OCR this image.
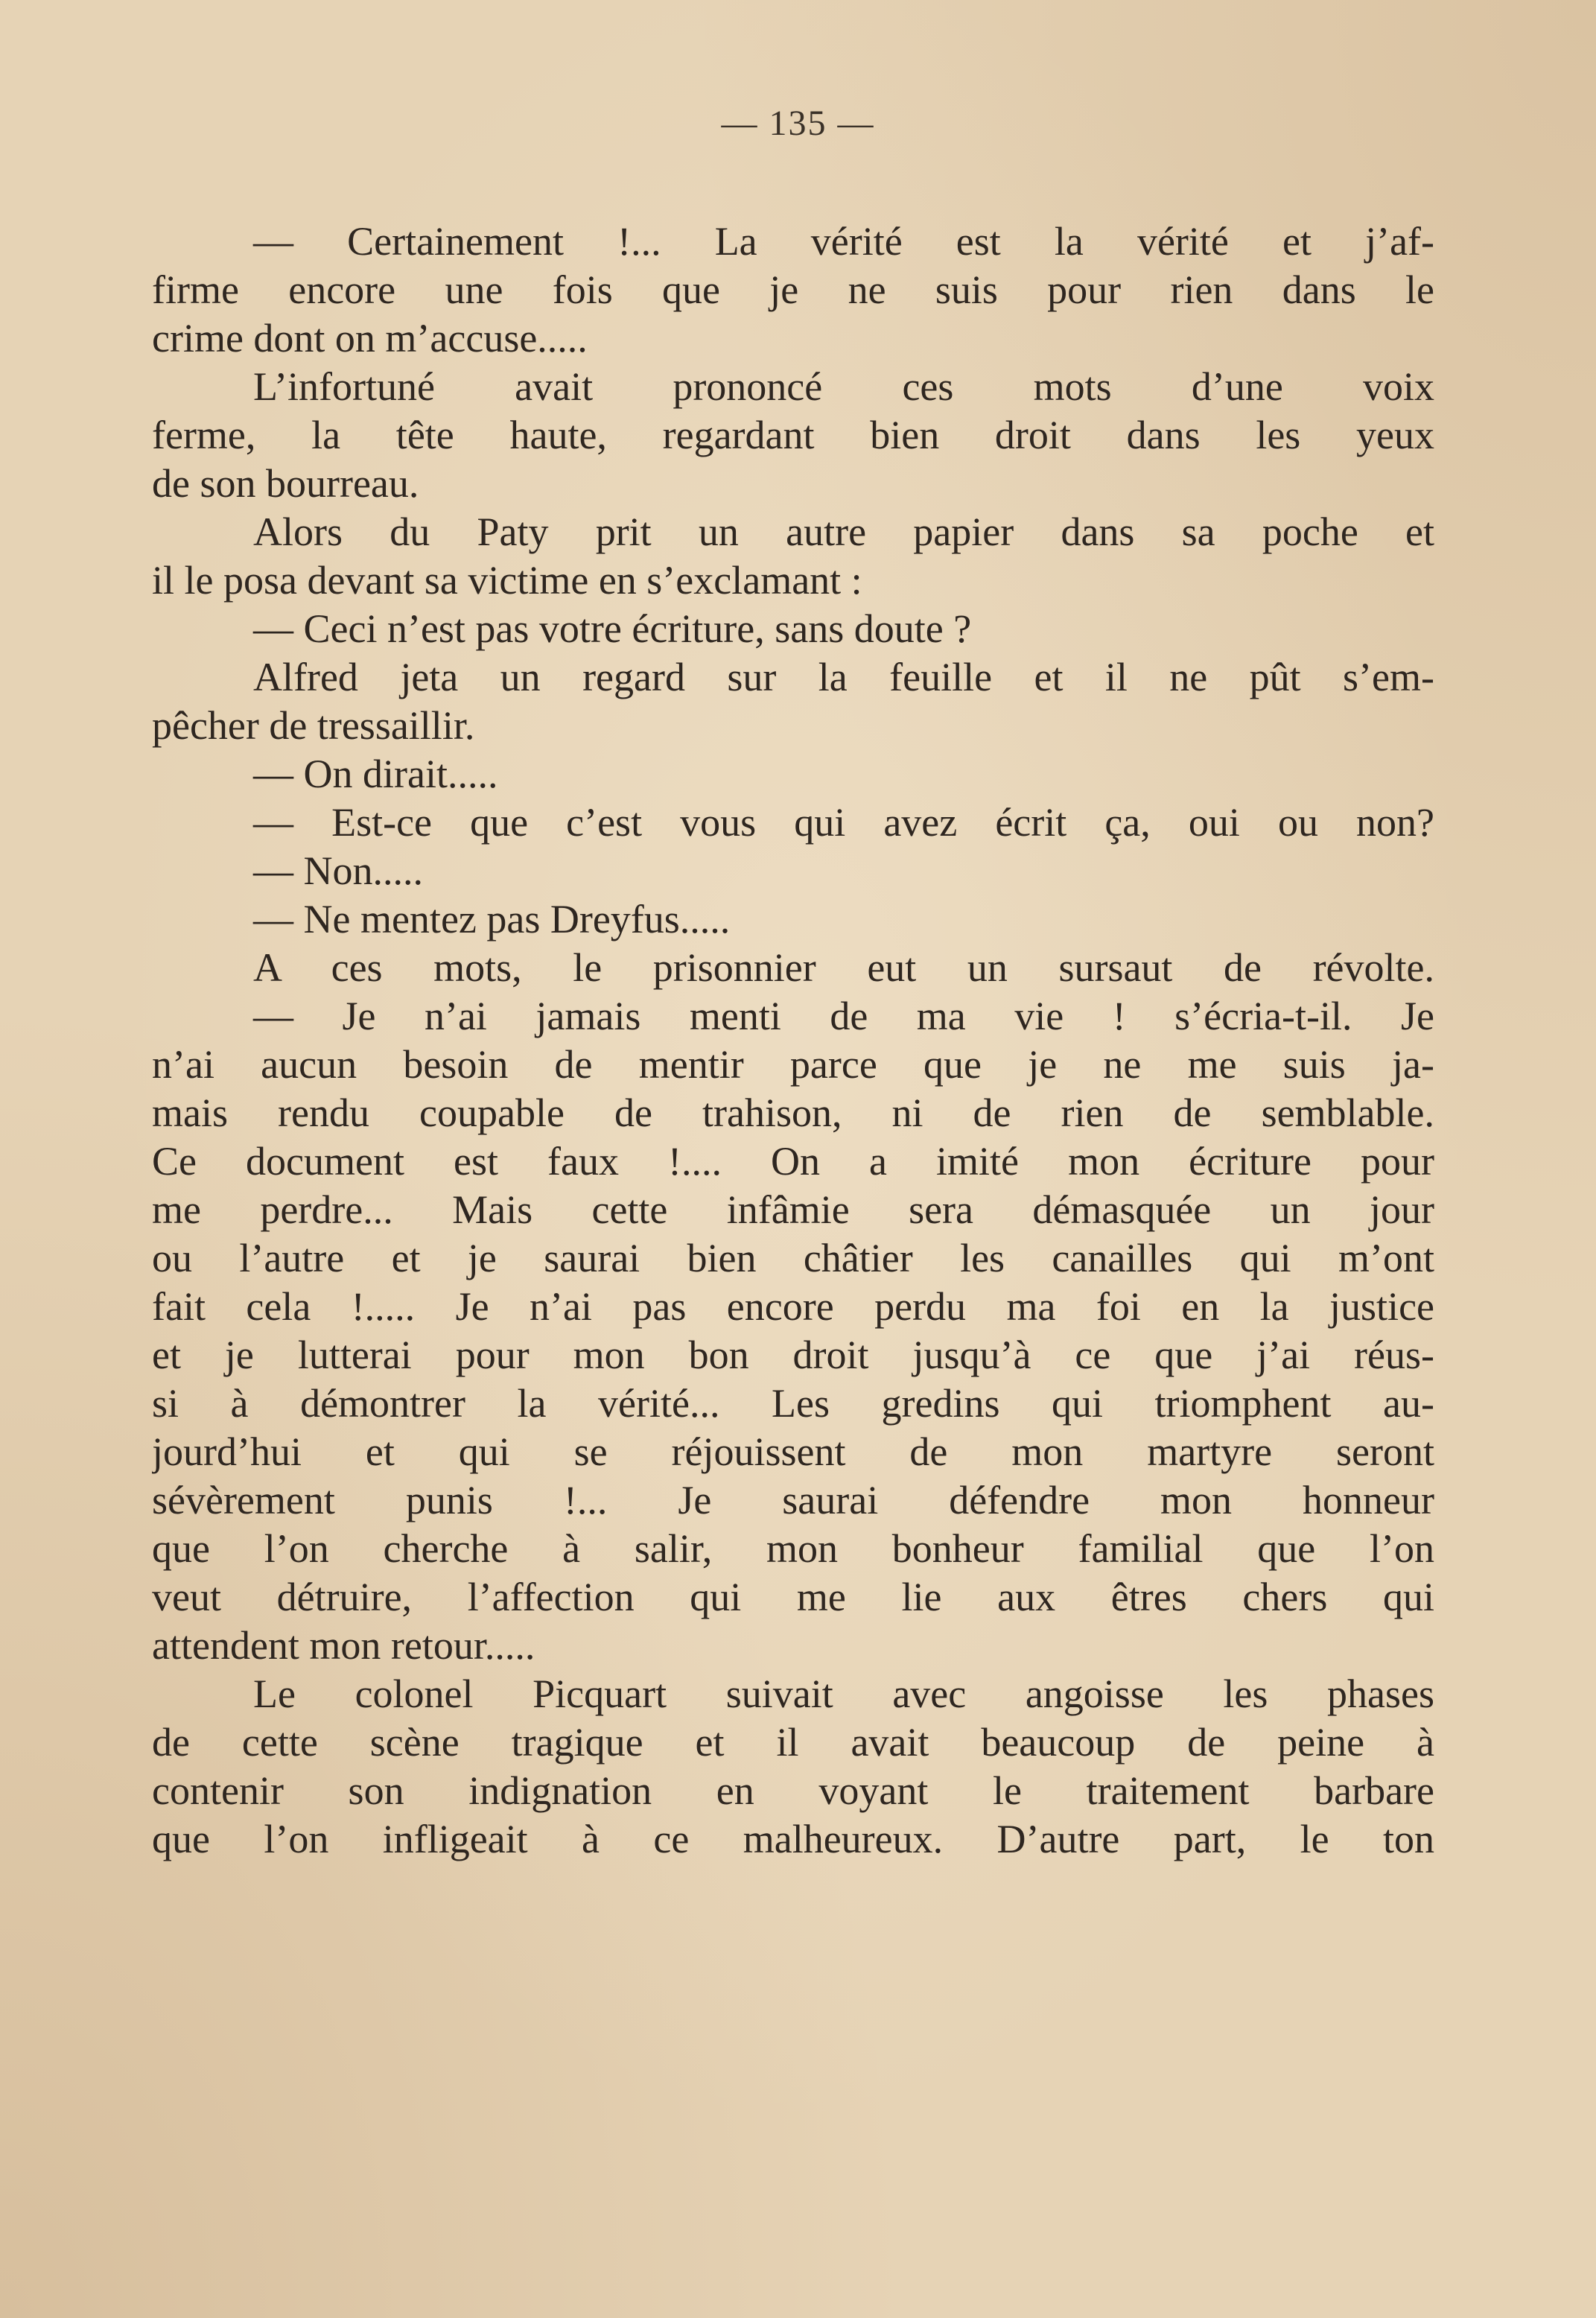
— 135 —
— Certainement !... La vérité est la vérité et j’af-
firme encore une fois que je ne suis pour rien dans le
crime dont on m’accuse.....
L’infortuné avait prononcé ces mots d’une voix
ferme, la tête haute, regardant bien droit dans les yeux
de son bourreau.
Alors du Paty prit un autre papier dans sa poche et
il le posa devant sa victime en s’exclamant :
— Ceci n’est pas votre écriture, sans doute ?
Alfred jeta un regard sur la feuille et il ne pût s’em-
pêcher de tressaillir.
— On dirait.....
— Est-ce que c’est vous qui avez écrit ça, oui ou non?
— Non.....
— Ne mentez pas Dreyfus.....
A ces mots, le prisonnier eut un sursaut de révolte.
— Je n’ai jamais menti de ma vie ! s’écria-t-il. Je
n’ai aucun besoin de mentir parce que je ne me suis ja-
mais rendu coupable de trahison, ni de rien de semblable.
Ce document est faux !.... On a imité mon écriture pour
me perdre... Mais cette infâmie sera démasquée un jour
ou l’autre et je saurai bien châtier les canailles qui m’ont
fait cela !..... Je n’ai pas encore perdu ma foi en la justice
et je lutterai pour mon bon droit jusqu’à ce que j’ai réus-
si à démontrer la vérité... Les gredins qui triomphent au-
jourd’hui et qui se réjouissent de mon martyre seront
sévèrement punis !... Je saurai défendre mon honneur
que l’on cherche à salir, mon bonheur familial que l’on
veut détruire, l’affection qui me lie aux êtres chers qui
attendent mon retour.....
Le colonel Picquart suivait avec angoisse les phases
de cette scène tragique et il avait beaucoup de peine à
contenir son indignation en voyant le traitement barbare
que l’on infligeait à ce malheureux. D’autre part, le ton
